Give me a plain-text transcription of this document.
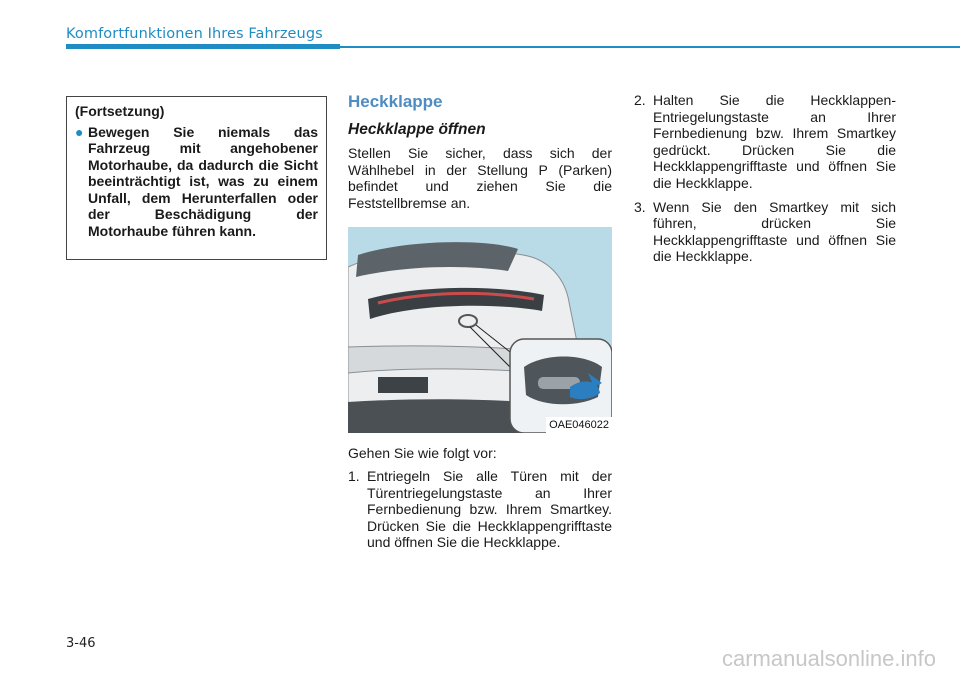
Komfortfunktionen Ihres Fahrzeugs
(Fortsetzung)
● Bewegen Sie niemals das Fahrzeug mit angehobener Motorhaube, da dadurch die Sicht beeinträchtigt ist, was zu einem Unfall, dem Herunterfallen oder der Beschädigung der Motorhaube führen kann.
Heckklappe
Heckklappe öffnen

Stellen Sie sicher, dass sich der Wählhebel in der Stellung P (Parken) befindet und ziehen Sie die Feststellbremse an.

OAE046022

Gehen Sie wie folgt vor:

1. Entriegeln Sie alle Türen mit der Türentriegelungstaste an Ihrer Fernbedienung bzw. Ihrem Smartkey. Drücken Sie die Heckklappengrifftaste und öffnen Sie die Heckklappe.
2. Halten Sie die Heckklappen-Entriegelungstaste an Ihrer Fernbedienung bzw. Ihrem Smartkey gedrückt. Drücken Sie die Heckklappengrifftaste und öffnen Sie die Heckklappe.
3. Wenn Sie den Smartkey mit sich führen, drücken Sie Heckklappengrifftaste und öffnen Sie die Heckklappe.
3-46
carmanualsonline.info
